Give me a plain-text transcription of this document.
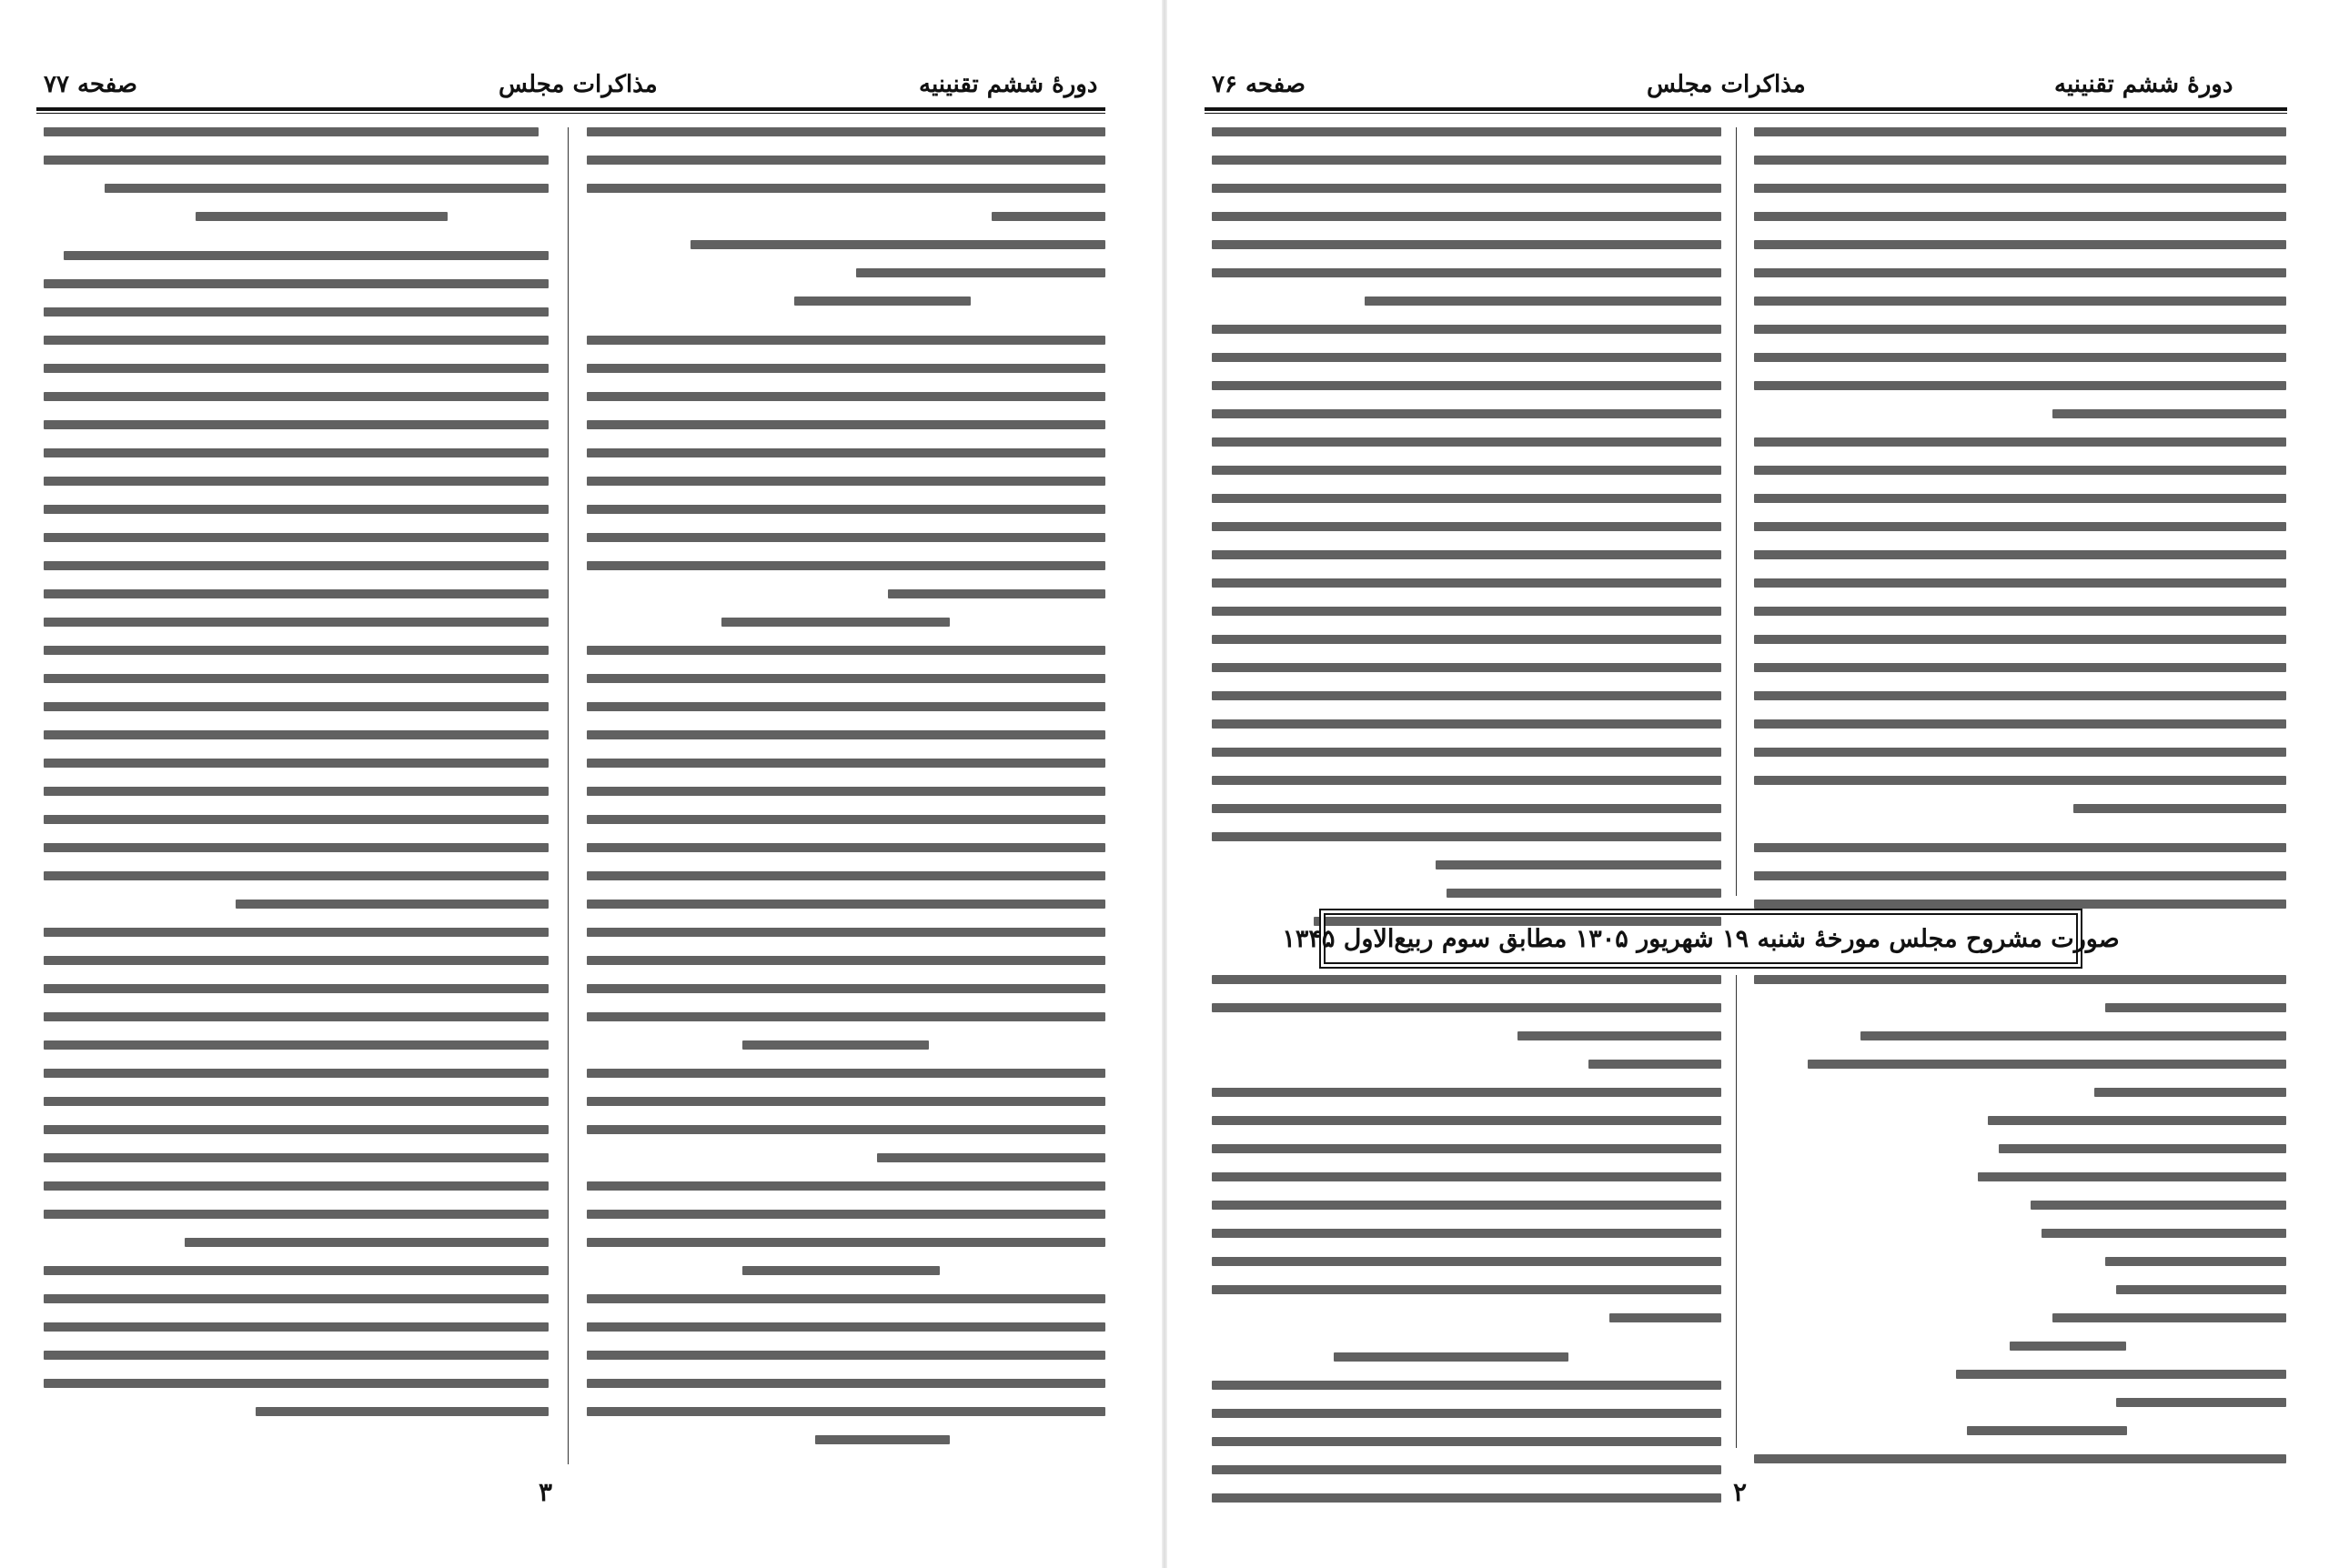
صفحه ۷۷	مذاکرات مجلس	دورهٔ ششم تقنینیه
۳
دورهٔ ششم تقنینیه
مذاکرات مجلس
صفحه ۷۶
صورت مشروح مجلس مورخهٔ شنبه ۱۹ شهریور ۱۳۰۵ مطابق سوم ربیع‌الاول ۱۳۴۵
۲
